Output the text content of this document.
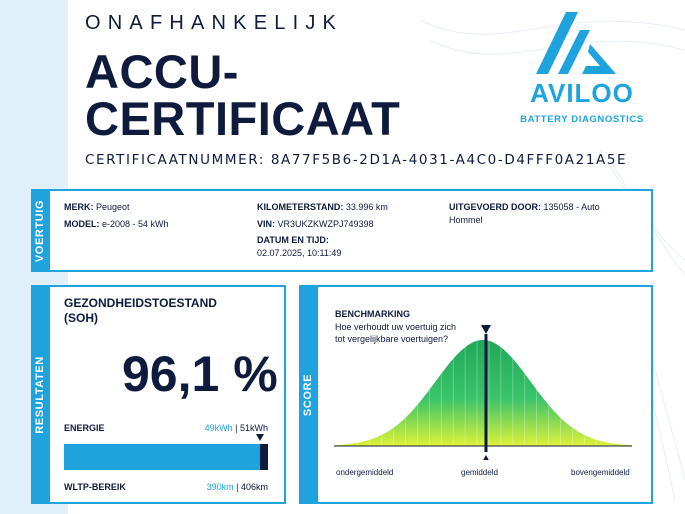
ONAFHANKELIJK
ACCU-
CERTIFICAAT
CERTIFICAATNUMMER: 8A77F5B6-2D1A-4031-A4C0-D4FFF0A21A5E
AVILOO
BATTERY DIAGNOSTICS
VOERTUIG MERK: Peugeot
MODEL: e-2008 - 54 kWh
KILOMETERSTAND: 33.996 km
VIN: VR3UKZKWZPJ749398
DATUM EN TIJD:
02.07.2025, 10:11:49
UITGEVOERD DOOR: 135058 - Auto
Hommel
RESULTATEN
GEZONDHEIDSTOESTAND
(SOH)
96,1 %
ENERGIE	49kWh | 51kWh
WLTP-BEREIK	390km | 406km
SCORE
BENCHMARKING
Hoe verhoudt uw voertuig zich tot vergelijkbare voertuigen?
ondergemiddeld	gemiddeld	bovengemiddeld
